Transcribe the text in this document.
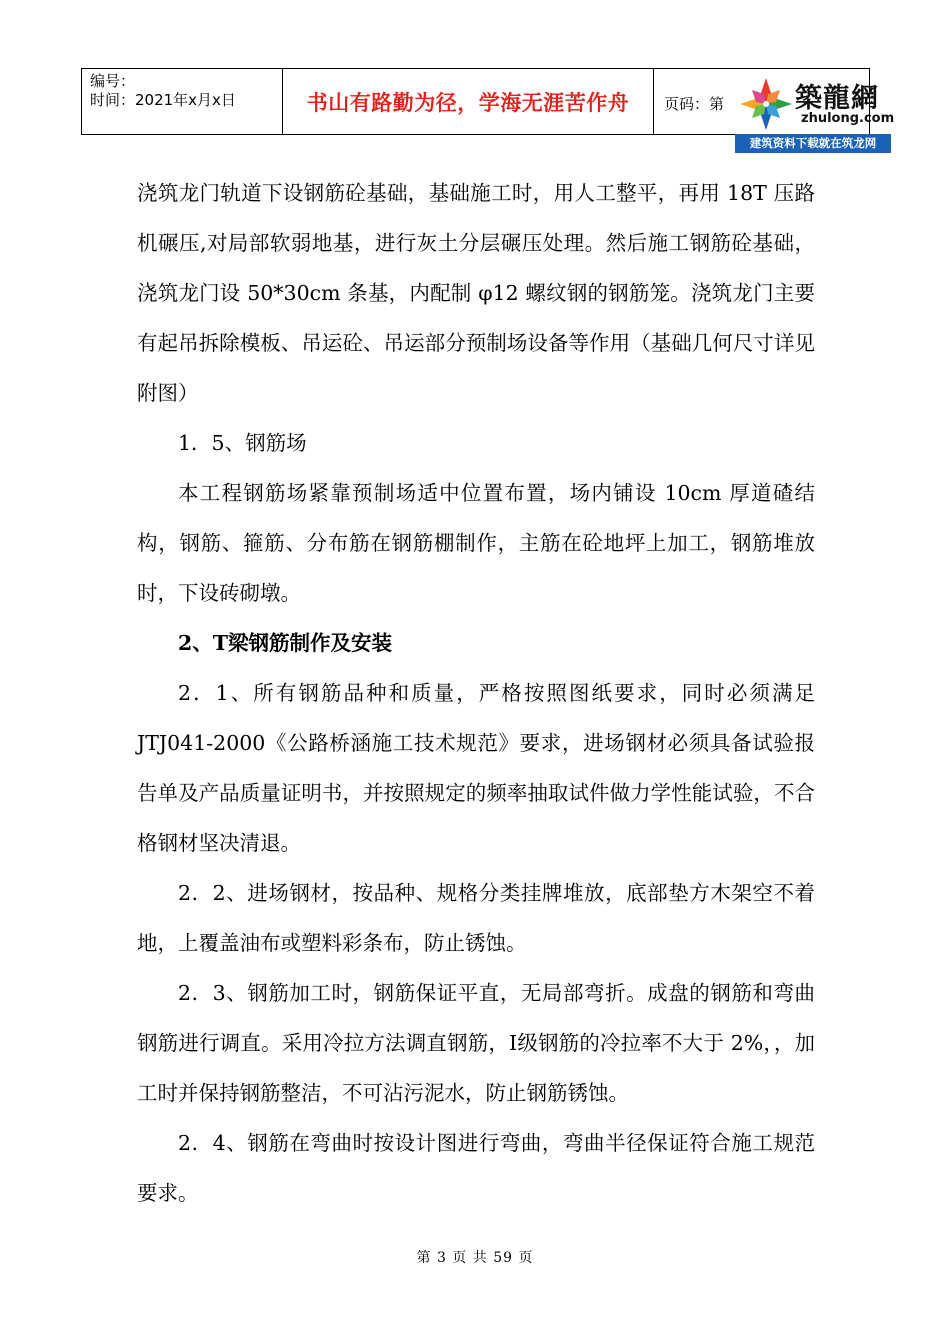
编号：
时间：2021年x月x日	书山有路勤为径，学海无涯苦作舟	页码：第	築龍網
zhulong.com
建筑资料下载就在筑龙网

浇筑龙门轨道下设钢筋砼基础，基础施工时，用人工整平，再用 18T 压路机碾压,对局部软弱地基，进行灰土分层碾压处理。然后施工钢筋砼基础，浇筑龙门设 50*30cm 条基，内配制 φ12 螺纹钢的钢筋笼。浇筑龙门主要有起吊拆除模板、吊运砼、吊运部分预制场设备等作用（基础几何尺寸详见附图）

1．5、钢筋场

本工程钢筋场紧靠预制场适中位置布置，场内铺设 10cm 厚道碴结构，钢筋、箍筋、分布筋在钢筋棚制作，主筋在砼地坪上加工，钢筋堆放时，下设砖砌墩。

2、T梁钢筋制作及安装

2．1、所有钢筋品种和质量，严格按照图纸要求，同时必须满足 JTJ041-2000《公路桥涵施工技术规范》要求，进场钢材必须具备试验报告单及产品质量证明书，并按照规定的频率抽取试件做力学性能试验，不合格钢材坚决清退。

2．2、进场钢材，按品种、规格分类挂牌堆放，底部垫方木架空不着地，上覆盖油布或塑料彩条布，防止锈蚀。

2．3、钢筋加工时，钢筋保证平直，无局部弯折。成盘的钢筋和弯曲钢筋进行调直。采用冷拉方法调直钢筋，Ⅰ级钢筋的冷拉率不大于 2%，，加工时并保持钢筋整洁，不可沾污泥水，防止钢筋锈蚀。

2．4、钢筋在弯曲时按设计图进行弯曲，弯曲半径保证符合施工规范要求。

第 3 页 共 59 页
